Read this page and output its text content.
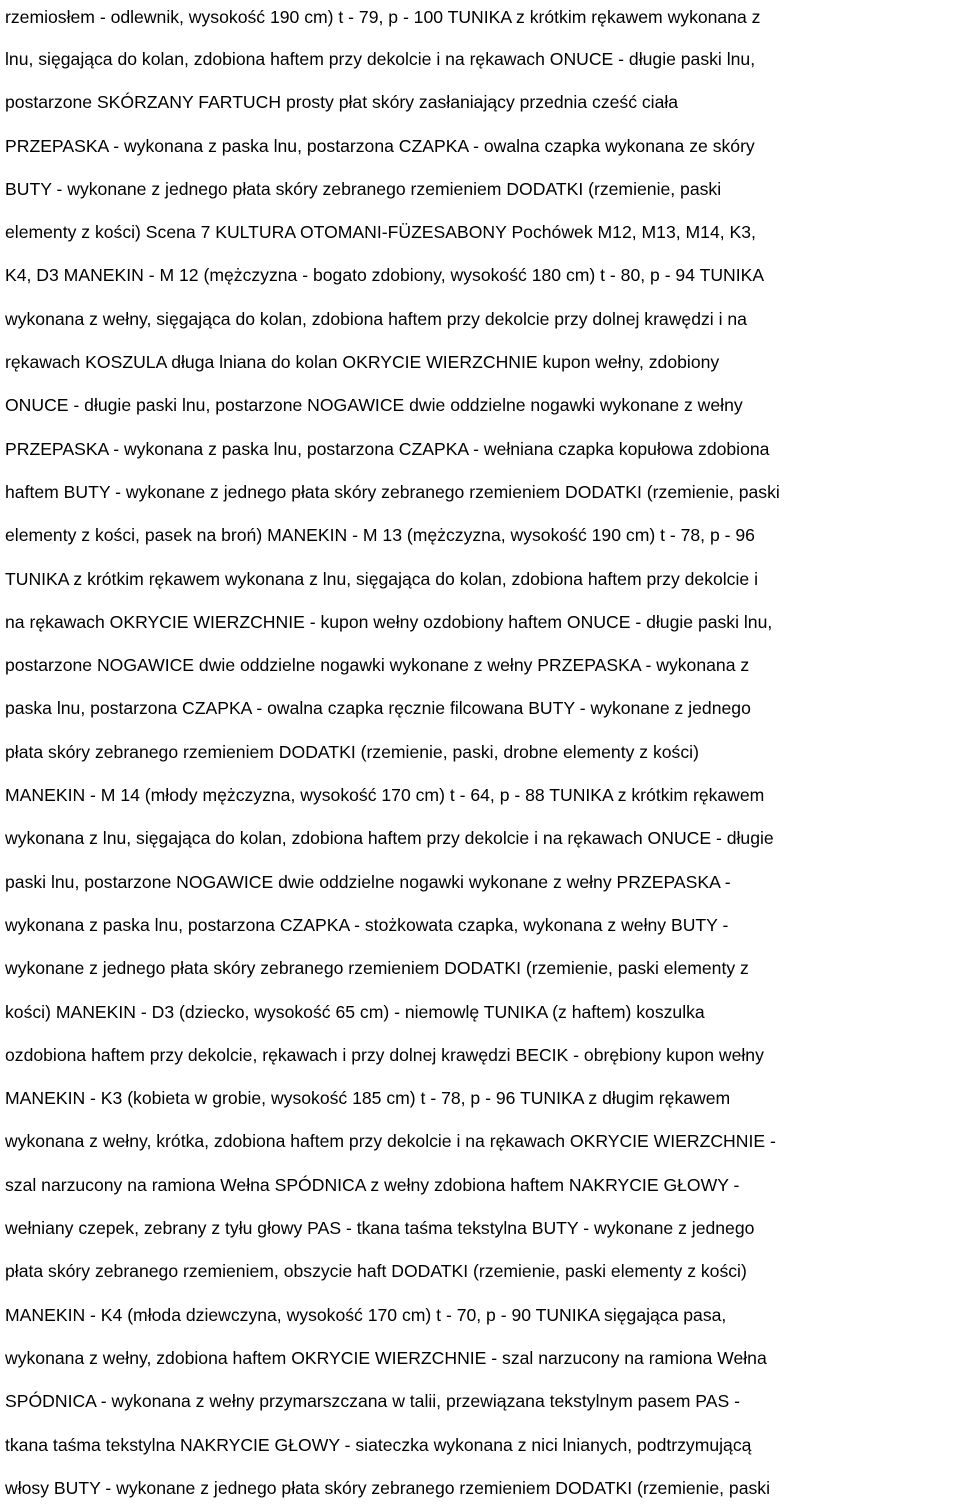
rzemiosłem - odlewnik, wysokość 190 cm) t - 79, p - 100 TUNIKA z krótkim rękawem wykonana z
lnu, sięgająca do kolan, zdobiona haftem przy dekolcie i na rękawach ONUCE - długie paski lnu,
postarzone SKÓRZANY FARTUCH prosty płat skóry zasłaniający przednia cześć ciała
PRZEPASKA - wykonana z paska lnu, postarzona CZAPKA - owalna czapka wykonana ze skóry
BUTY - wykonane z jednego płata skóry zebranego rzemieniem DODATKI (rzemienie, paski
elementy z kości) Scena 7 KULTURA OTOMANI-FÜZESABONY Pochówek M12, M13, M14, K3,
K4, D3 MANEKIN - M 12 (mężczyzna - bogato zdobiony, wysokość 180 cm) t - 80, p - 94 TUNIKA
wykonana z wełny, sięgająca do kolan, zdobiona haftem przy dekolcie przy dolnej krawędzi i na
rękawach KOSZULA długa lniana do kolan OKRYCIE WIERZCHNIE kupon wełny, zdobiony
ONUCE - długie paski lnu, postarzone NOGAWICE dwie oddzielne nogawki wykonane z wełny
PRZEPASKA - wykonana z paska lnu, postarzona CZAPKA - wełniana czapka kopułowa zdobiona
haftem BUTY - wykonane z jednego płata skóry zebranego rzemieniem DODATKI (rzemienie, paski
elementy z kości, pasek na broń) MANEKIN - M 13 (mężczyzna, wysokość 190 cm) t - 78, p - 96
TUNIKA z krótkim rękawem wykonana z lnu, sięgająca do kolan, zdobiona haftem przy dekolcie i
na rękawach OKRYCIE WIERZCHNIE - kupon wełny ozdobiony haftem ONUCE - długie paski lnu,
postarzone NOGAWICE dwie oddzielne nogawki wykonane z wełny PRZEPASKA - wykonana z
paska lnu, postarzona CZAPKA - owalna czapka ręcznie filcowana BUTY - wykonane z jednego
płata skóry zebranego rzemieniem DODATKI (rzemienie, paski, drobne elementy z kości)
MANEKIN - M 14 (młody mężczyzna, wysokość 170 cm) t - 64, p - 88 TUNIKA z krótkim rękawem
wykonana z lnu, sięgająca do kolan, zdobiona haftem przy dekolcie i na rękawach ONUCE - długie
paski lnu, postarzone NOGAWICE dwie oddzielne nogawki wykonane z wełny PRZEPASKA -
wykonana z paska lnu, postarzona CZAPKA - stożkowata czapka, wykonana z wełny BUTY -
wykonane z jednego płata skóry zebranego rzemieniem DODATKI (rzemienie, paski elementy z
kości) MANEKIN - D3 (dziecko, wysokość 65 cm) - niemowlę TUNIKA (z haftem) koszulka
ozdobiona haftem przy dekolcie, rękawach i przy dolnej krawędzi BECIK - obrębiony kupon wełny
MANEKIN - K3 (kobieta w grobie, wysokość 185 cm) t - 78, p - 96 TUNIKA z długim rękawem
wykonana z wełny, krótka, zdobiona haftem przy dekolcie i na rękawach OKRYCIE WIERZCHNIE -
szal narzucony na ramiona Wełna SPÓDNICA z wełny zdobiona haftem NAKRYCIE GŁOWY -
wełniany czepek, zebrany z tyłu głowy PAS - tkana taśma tekstylna BUTY - wykonane z jednego
płata skóry zebranego rzemieniem, obszycie haft DODATKI (rzemienie, paski elementy z kości)
MANEKIN - K4 (młoda dziewczyna, wysokość 170 cm) t - 70, p - 90 TUNIKA sięgająca pasa,
wykonana z wełny, zdobiona haftem OKRYCIE WIERZCHNIE - szal narzucony na ramiona Wełna
SPÓDNICA - wykonana z wełny przymarszczana w talii, przewiązana tekstylnym pasem PAS -
tkana taśma tekstylna NAKRYCIE GŁOWY - siateczka wykonana z nici lnianych, podtrzymującą
włosy BUTY - wykonane z jednego płata skóry zebranego rzemieniem DODATKI (rzemienie, paski
